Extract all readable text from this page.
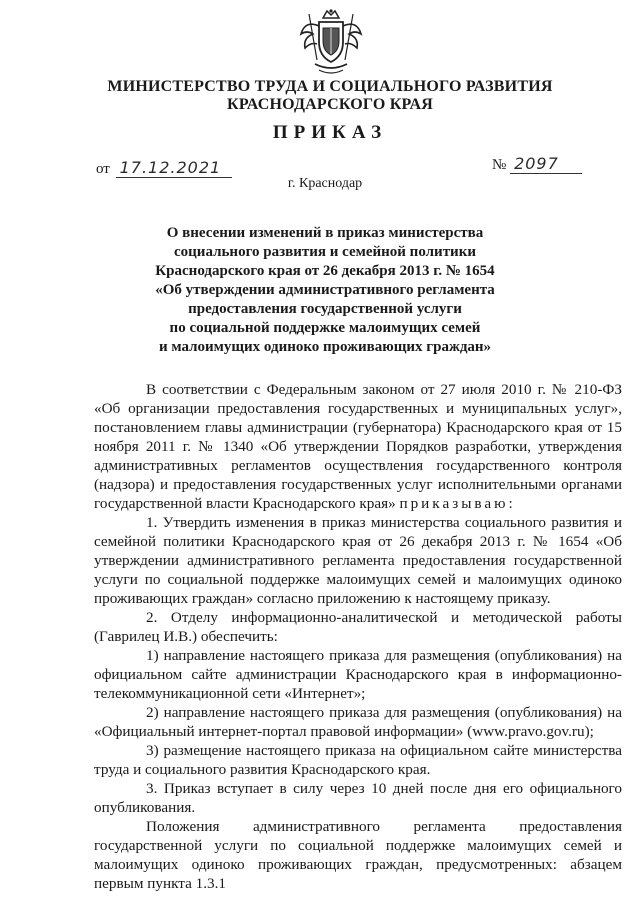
МИНИСТЕРСТВО ТРУДА И СОЦИАЛЬНОГО РАЗВИТИЯ
КРАСНОДАРСКОГО КРАЯ
ПРИКАЗ
от 17.12.2021	№ 2097
г. Краснодар
О внесении изменений в приказ министерства
социального развития и семейной политики
Краснодарского края от 26 декабря 2013 г. № 1654
«Об утверждении административного регламента
предоставления государственной услуги
по социальной поддержке малоимущих семей
и малоимущих одиноко проживающих граждан»

В соответствии с Федеральным законом от 27 июля 2010 г. № 210-ФЗ «Об организации предоставления государственных и муниципальных услуг», постановлением главы администрации (губернатора) Краснодарского края от 15 ноября 2011 г. № 1340 «Об утверждении Порядков разработки, утверждения административных регламентов осуществления государственного контроля (надзора) и предоставления государственных услуг исполнительными органами государственной власти Краснодарского края» приказываю:

1. Утвердить изменения в приказ министерства социального развития и семейной политики Краснодарского края от 26 декабря 2013 г. № 1654 «Об утверждении административного регламента предоставления государственной услуги по социальной поддержке малоимущих семей и малоимущих одиноко проживающих граждан» согласно приложению к настоящему приказу.

2. Отделу информационно-аналитической и методической работы (Гаврилец И.В.) обеспечить:

1) направление настоящего приказа для размещения (опубликования) на официальном сайте администрации Краснодарского края в информационно-телекоммуникационной сети «Интернет»;

2) направление настоящего приказа для размещения (опубликования) на «Официальный интернет-портал правовой информации» (www.pravo.gov.ru);

3) размещение настоящего приказа на официальном сайте министерства труда и социального развития Краснодарского края.

3. Приказ вступает в силу через 10 дней после дня его официального опубликования.

Положения административного регламента предоставления государственной услуги по социальной поддержке малоимущих семей и малоимущих одиноко проживающих граждан, предусмотренных: абзацем первым пункта 1.3.1
